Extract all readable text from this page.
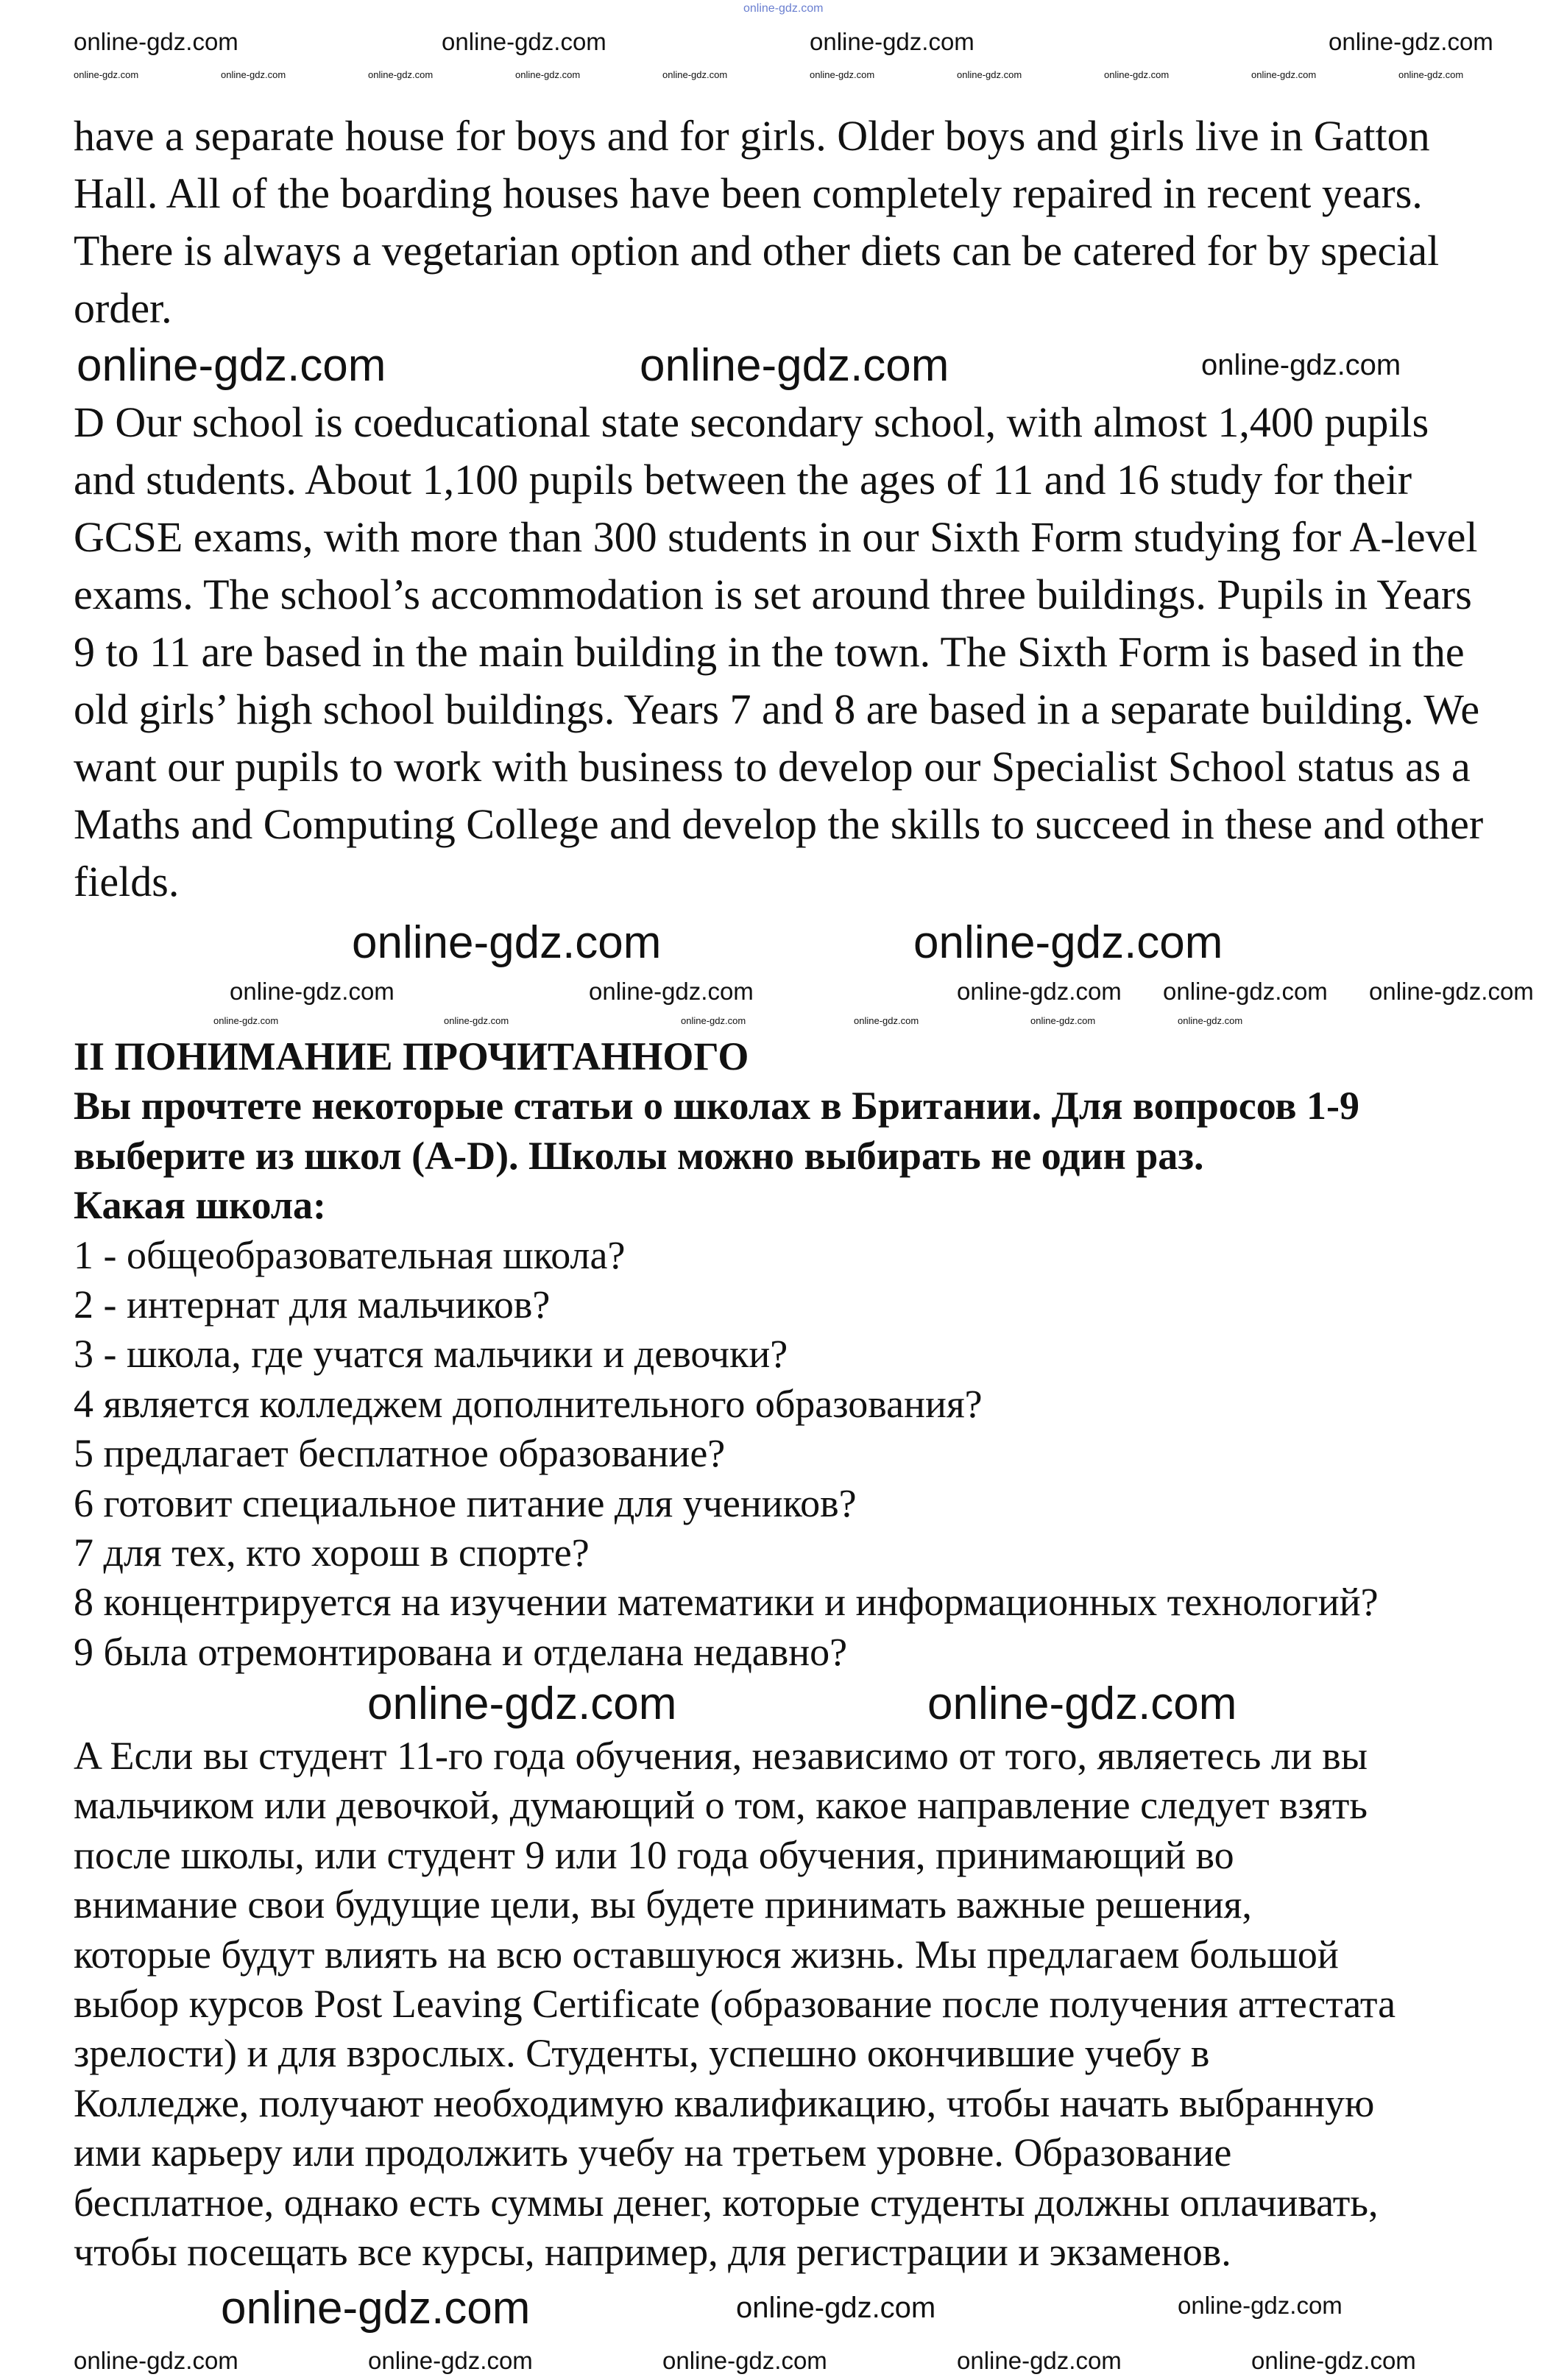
online-gdz.com
online-gdz.com	online-gdz.com	online-gdz.com	online-gdz.com
online-gdz.com	online-gdz.com	online-gdz.com	online-gdz.com	online-gdz.com	online-gdz.com	online-gdz.com	online-gdz.com	online-gdz.com	online-gdz.com
online-gdz.com	online-gdz.com	online-gdz.com
online-gdz.com	online-gdz.com
online-gdz.com	online-gdz.com	online-gdz.com online-gdz.com online-gdz.com
online-gdz.com	online-gdz.com	online-gdz.com	online-gdz.com	online-gdz.com	online-gdz.com
online-gdz.com	online-gdz.com
online-gdz.com	online-gdz.com	online-gdz.com
online-gdz.com	online-gdz.com	online-gdz.com	online-gdz.com	online-gdz.com
have a separate house for boys and for girls. Older boys and girls live in Gatton
Hall. All of the boarding houses have been completely repaired in recent years.
There is always a vegetarian option and other diets can be catered for by special
order.
D Our school is coeducational state secondary school, with almost 1,400 pupils
and students. About 1,100 pupils between the ages of 11 and 16 study for their
GCSE exams, with more than 300 students in our Sixth Form studying for A-level
exams. The school’s accommodation is set around three buildings. Pupils in Years
9 to 11 are based in the main building in the town. The Sixth Form is based in the
old girls’ high school buildings. Years 7 and 8 are based in a separate building. We
want our pupils to work with business to develop our Specialist School status as a
Maths and Computing College and develop the skills to succeed in these and other
fields.
II ПОНИМАНИЕ ПРОЧИТАННОГО
Вы прочтете некоторые статьи о школах в Британии. Для вопросов 1-9
выберите из школ (A-D). Школы можно выбирать не один раз.
Какая школа:
1 - общеобразовательная школа?
2 - интернат для мальчиков?
3 - школа, где учатся мальчики и девочки?
4 является колледжем дополнительного образования?
5 предлагает бесплатное образование?
6 готовит специальное питание для учеников?
7 для тех, кто хорош в спорте?
8 концентрируется на изучении математики и информационных технологий?
9 была отремонтирована и отделана недавно?
A Если вы студент 11-го года обучения, независимо от того, являетесь ли вы
мальчиком или девочкой, думающий о том, какое направление следует взять
после школы, или студент 9 или 10 года обучения, принимающий во
внимание свои будущие цели, вы будете принимать важные решения,
которые будут влиять на всю оставшуюся жизнь. Мы предлагаем большой
выбор курсов Post Leaving Certificate (образование после получения аттестата
зрелости) и для взрослых. Студенты, успешно окончившие учебу в
Колледже, получают необходимую квалификацию, чтобы начать выбранную
ими карьеру или продолжить учебу на третьем уровне. Образование
бесплатное, однако есть суммы денег, которые студенты должны оплачивать,
чтобы посещать все курсы, например, для регистрации и экзаменов.
